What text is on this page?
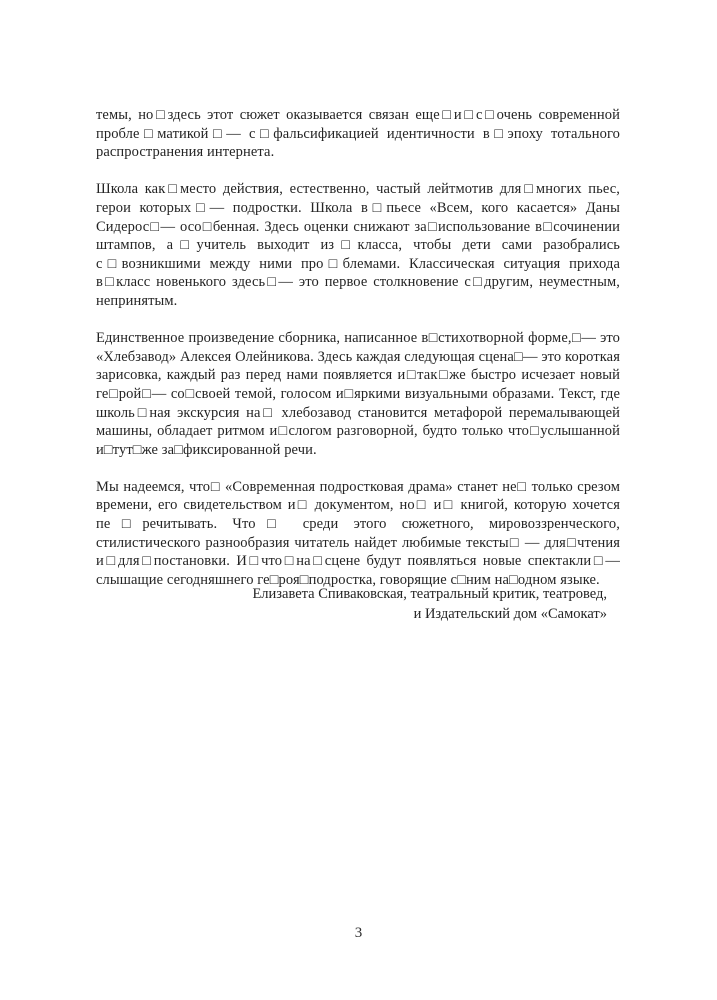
темы, но□здесь этот сюжет оказывается связан еще□и□с□очень современной пробле□матикой□— с□фальсификацией идентичности в□эпоху тотального распространения интернета.

Школа как□место действия, естественно, частый лейтмотив для□многих пьес, герои которых□— подростки. Школа в□пьесе «Всем, кого касается» Даны Сидерос□— осо□бенная. Здесь оценки снижают за□использование в□сочинении штампов, а□учитель выходит из□класса, чтобы дети сами разобрались с□возникшими между ними про□блемами. Классическая ситуация прихода в□класс новенького здесь□— это первое столкновение с□другим, неуместным, непринятым.

Единственное произведение сборника, написанное в□стихотворной форме,□— это «Хлебзавод» Алексея Олейникова. Здесь каждая следующая сцена□— это короткая зарисовка, каждый раз перед нами появляется и□так□же быстро исчезает новый ге□рой□— со□своей темой, голосом и□яркими визуальными образами. Текст, где школь□ная экскурсия на□ хлебозавод становится метафорой перемалывающей машины, обладает ритмом и□слогом разговорной, будто только что□услышанной и□тут□же за□фиксированной речи.

Мы надеемся, что□ «Современная подростковая драма» станет не□ только срезом времени, его свидетельством и□ документом, но□ и□ книгой, которую хочется пе□речитывать. Что□ среди этого сюжетного, мировоззренческого, стилистического разнообразия читатель найдет любимые тексты□ — для□чтения и□для□постановки. И□что□на□сцене будут появляться новые спектакли□— слышащие сегодняшнего ге□роя□подростка, говорящие с□ним на□одном языке.

Елизавета Спиваковская, театральный критик, театровед,
и Издательский дом «Самокат»
3
